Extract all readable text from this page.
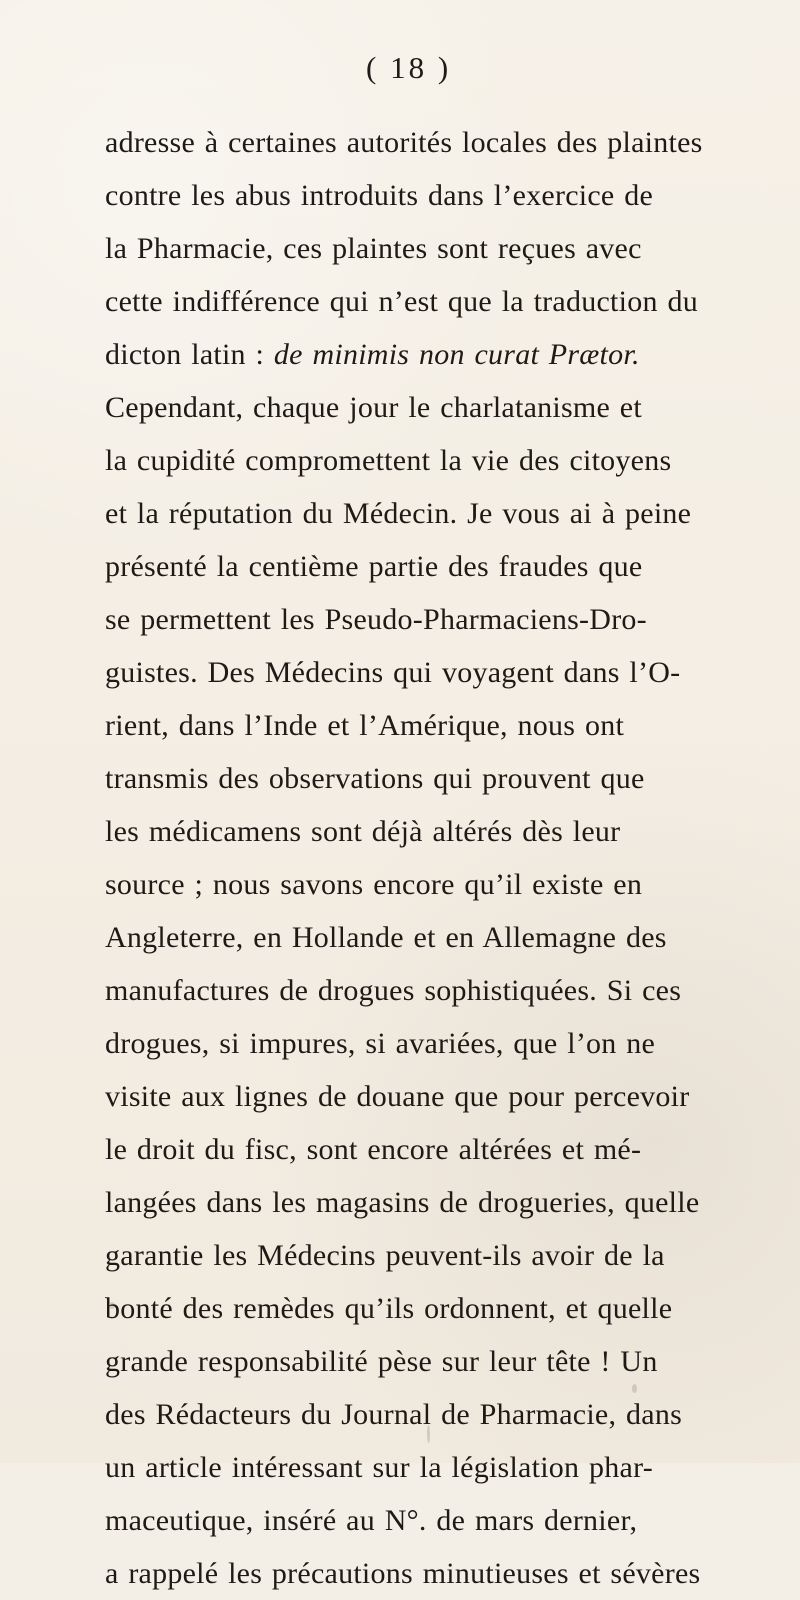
( 18 )
adresse à certaines autorités locales des plaintes
contre les abus introduits dans l’exercice de
la Pharmacie, ces plaintes sont reçues avec
cette indifférence qui n’est que la traduction du
dicton latin : de minimis non curat Prætor.
Cependant, chaque jour le charlatanisme et
la cupidité compromettent la vie des citoyens
et la réputation du Médecin. Je vous ai à peine
présenté la centième partie des fraudes que
se permettent les Pseudo-Pharmaciens-Dro-
guistes. Des Médecins qui voyagent dans l’O-
rient, dans l’Inde et l’Amérique, nous ont
transmis des observations qui prouvent que
les médicamens sont déjà altérés dès leur
source ; nous savons encore qu’il existe en
Angleterre, en Hollande et en Allemagne des
manufactures de drogues sophistiquées. Si ces
drogues, si impures, si avariées, que l’on ne
visite aux lignes de douane que pour percevoir
le droit du fisc, sont encore altérées et mé-
langées dans les magasins de drogueries, quelle
garantie les Médecins peuvent-ils avoir de la
bonté des remèdes qu’ils ordonnent, et quelle
grande responsabilité pèse sur leur tête ! Un
des Rédacteurs du Journal de Pharmacie, dans
un article intéressant sur la législation phar-
maceutique, inséré au N°. de mars dernier,
a rappelé les précautions minutieuses et sévères
